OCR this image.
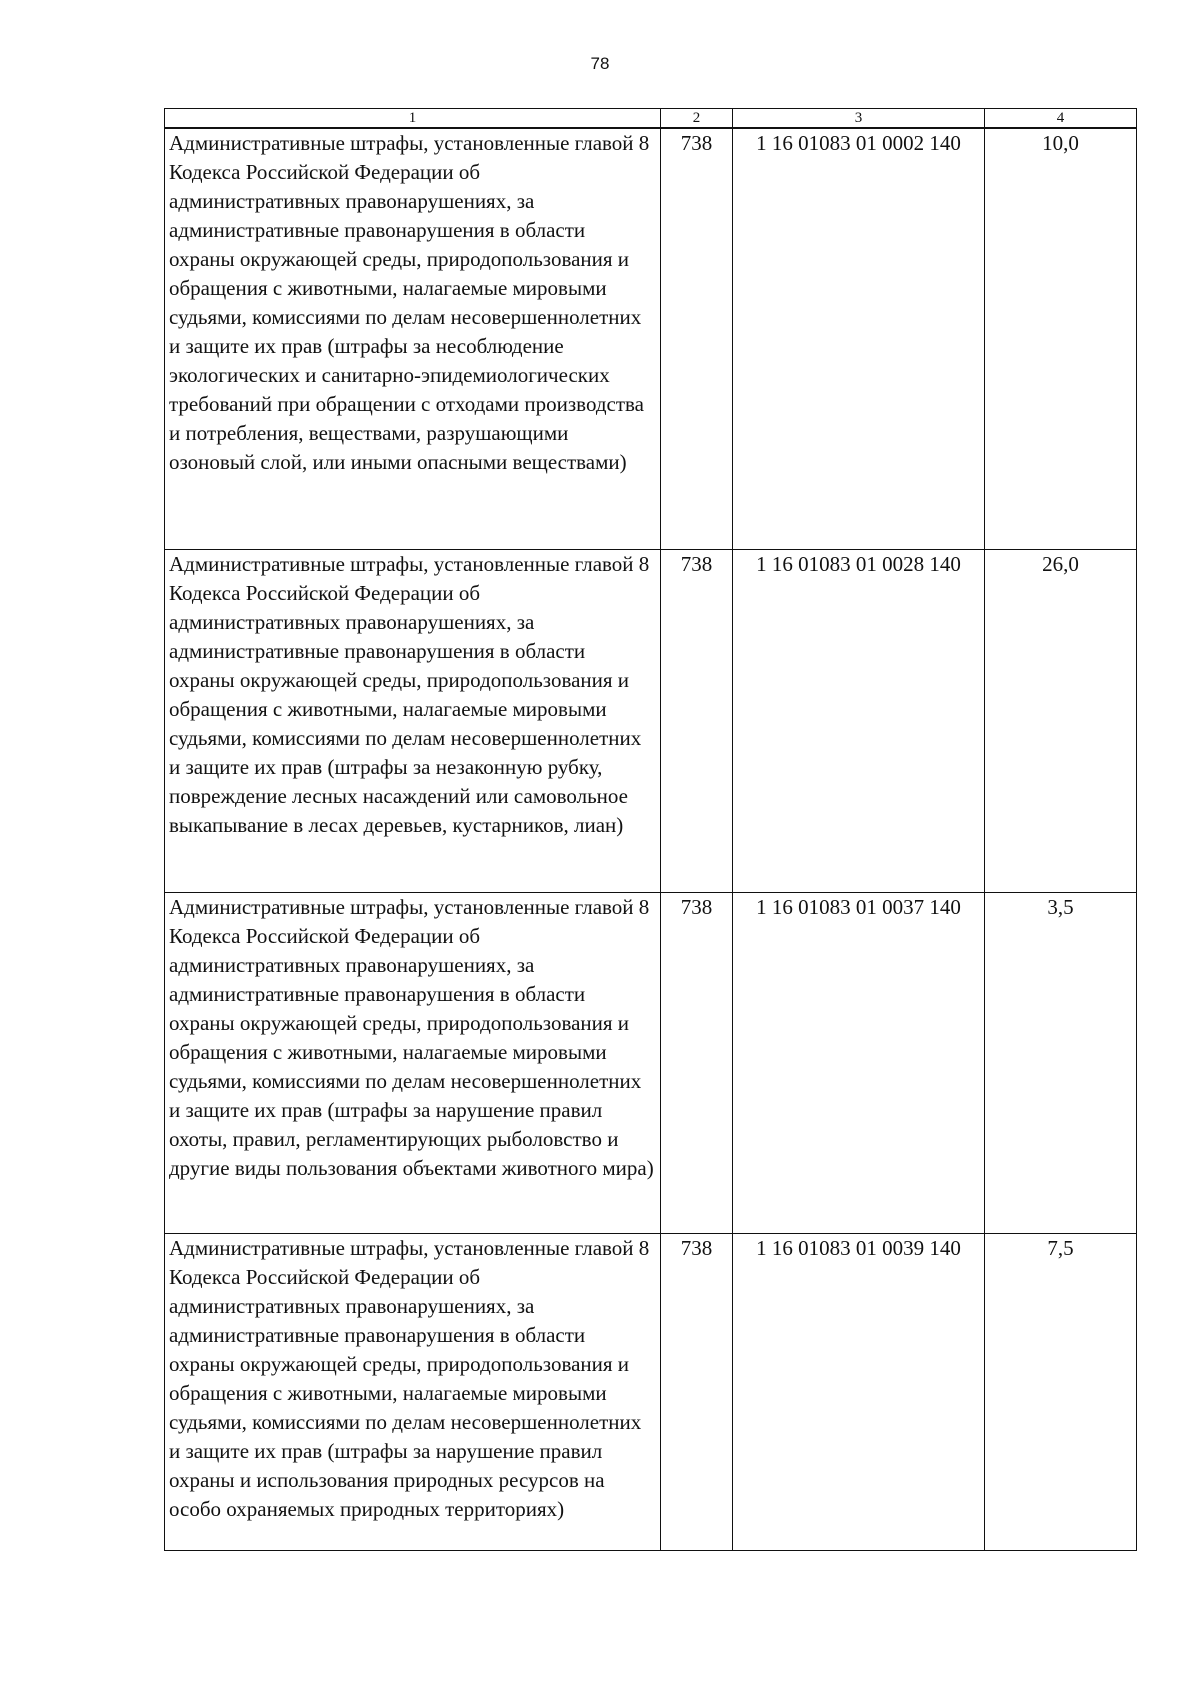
78
1	2	3	4
Административные штрафы, установленные главой 8 Кодекса Российской Федерации об административных правонарушениях, за административные правонарушения в области охраны окружающей среды, природопользования и обращения с животными, налагаемые мировыми судьями, комиссиями по делам несовершеннолетних и защите их прав (штрафы за несоблюдение экологических и санитарно-эпидемиологических требований при обращении с отходами производства и потребления, веществами, разрушающими озоновый слой, или иными опасными веществами)	738	1 16 01083 01 0002 140	10,0
Административные штрафы, установленные главой 8 Кодекса Российской Федерации об административных правонарушениях, за административные правонарушения в области охраны окружающей среды, природопользования и обращения с животными, налагаемые мировыми судьями, комиссиями по делам несовершеннолетних и защите их прав (штрафы за незаконную рубку, повреждение лесных насаждений или самовольное выкапывание в лесах деревьев, кустарников, лиан)	738	1 16 01083 01 0028 140	26,0
Административные штрафы, установленные главой 8 Кодекса Российской Федерации об административных правонарушениях, за административные правонарушения в области охраны окружающей среды, природопользования и обращения с животными, налагаемые мировыми судьями, комиссиями по делам несовершеннолетних и защите их прав (штрафы за нарушение правил охоты, правил, регламентирующих рыболовство и другие виды пользования объектами животного мира)	738	1 16 01083 01 0037 140	3,5
Административные штрафы, установленные главой 8 Кодекса Российской Федерации об административных правонарушениях, за административные правонарушения в области охраны окружающей среды, природопользования и обращения с животными, налагаемые мировыми судьями, комиссиями по делам несовершеннолетних и защите их прав (штрафы за нарушение правил охраны и использования природных ресурсов на особо охраняемых природных территориях)	738	1 16 01083 01 0039 140	7,5
